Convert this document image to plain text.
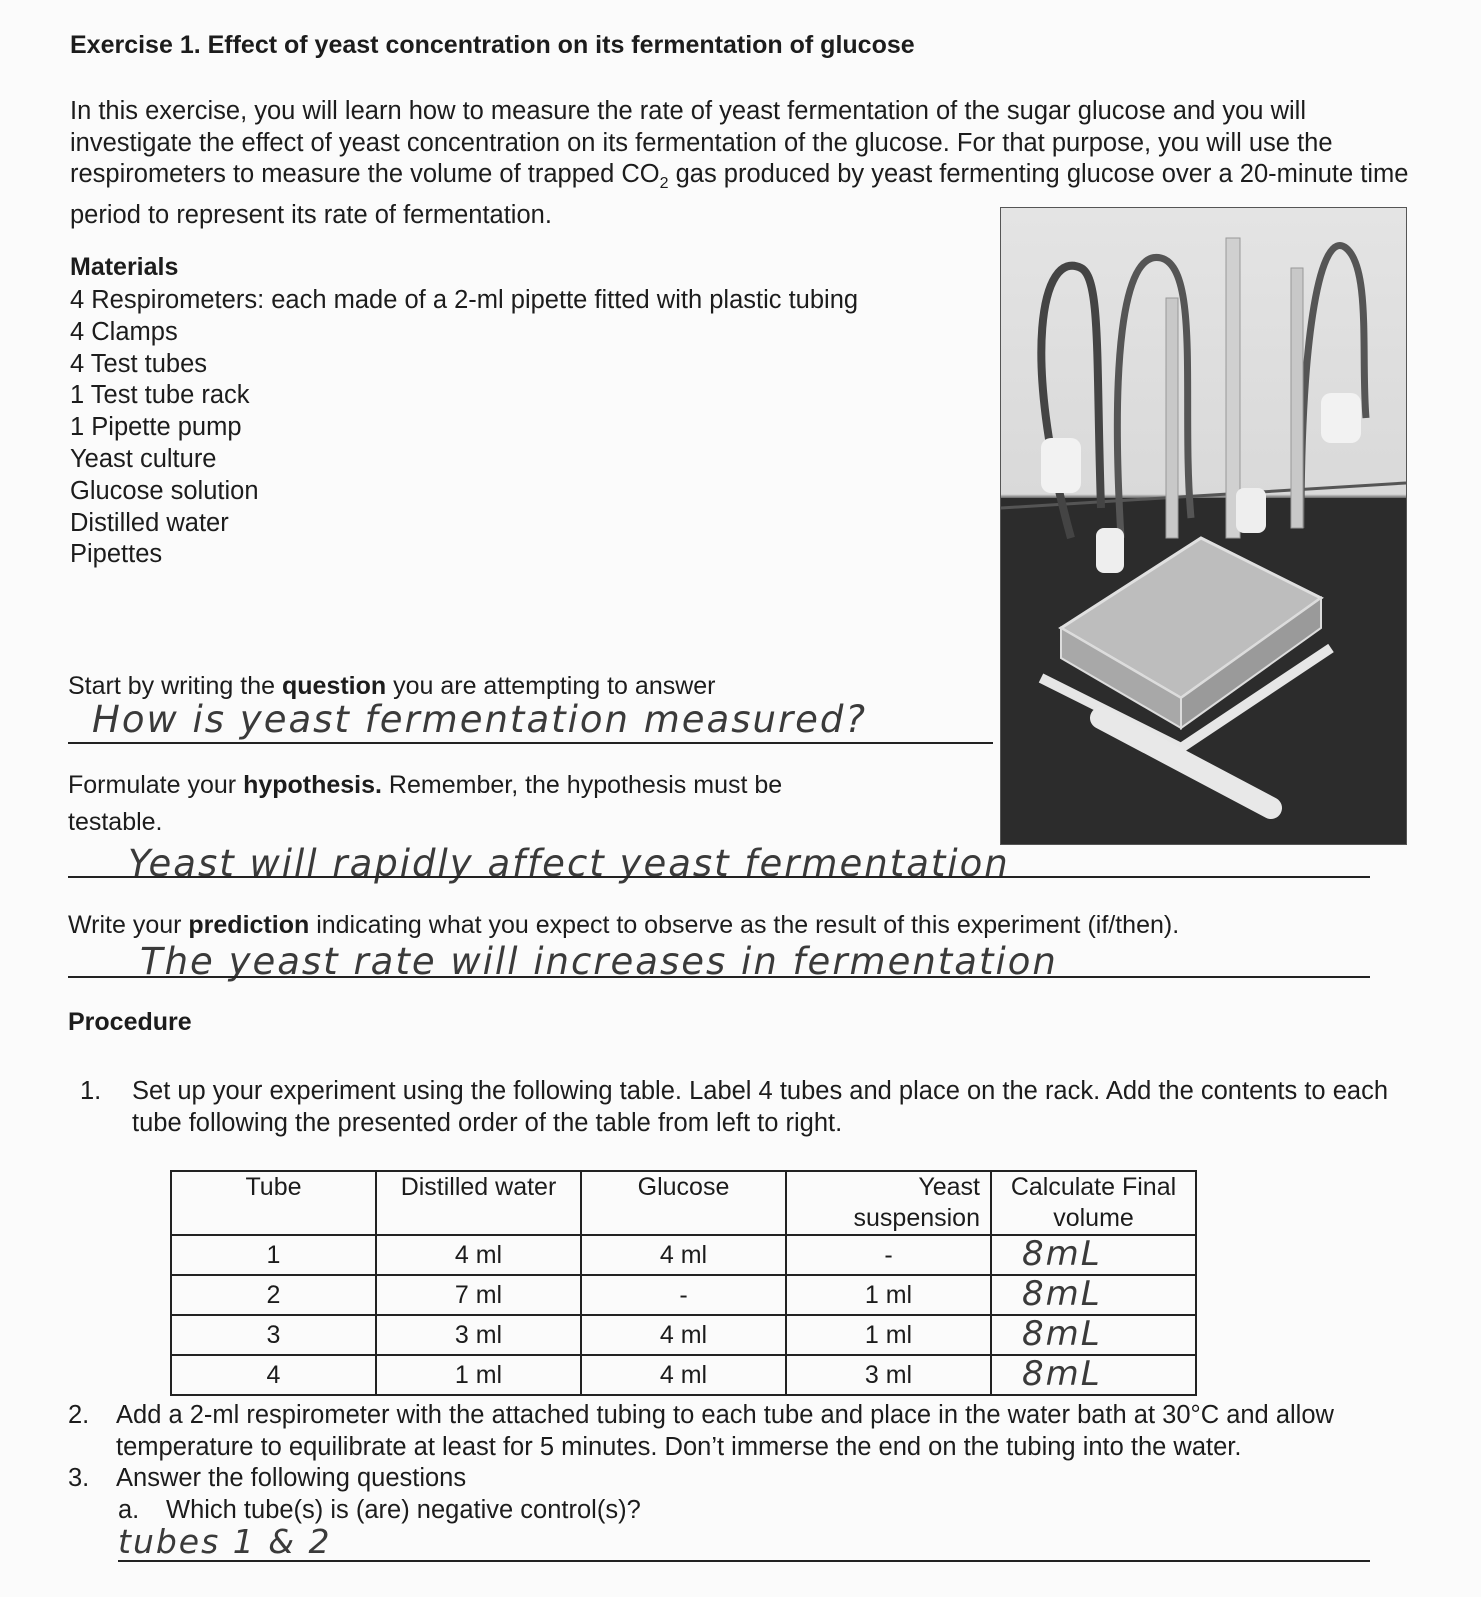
Exercise 1. Effect of yeast concentration on its fermentation of glucose
In this exercise, you will learn how to measure the rate of yeast fermentation of the sugar glucose and you will investigate the effect of yeast concentration on its fermentation of the glucose. For that purpose, you will use the respirometers to measure the volume of trapped $CO_2$ gas produced by yeast fermenting glucose over a 20-minute time period to represent its rate of fermentation.
Materials
4 Respirometers: each made of a 2-ml pipette fitted with plastic tubing
4 Clamps
4 Test tubes
1 Test tube rack
1 Pipette pump
Yeast culture
Glucose solution
Distilled water
Pipettes
Start by writing the question you are attempting to answer
How is yeast fermentation measured?
Formulate your hypothesis. Remember, the hypothesis must be
testable.
Yeast will rapidly affect yeast fermentation
Write your prediction indicating what you expect to observe as the result of this experiment (if/then).
The yeast rate will increases in fermentation
Procedure
1. Set up your experiment using the following table. Label 4 tubes and place on the rack. Add the contents to each tube following the presented order of the table from left to right.
Tube	Distilled water	Glucose	Yeast suspension	Calculate Final volume
1	4 ml	4 ml	-	8mL

2	7 ml	-	1 ml	8mL

3	3 ml	4 ml	1 ml	8mL

4	1 ml	4 ml	3 ml	8mL
2. Add a 2-ml respirometer with the attached tubing to each tube and place in the water bath at 30°C and allow temperature to equilibrate at least for 5 minutes. Don’t immerse the end on the tubing into the water.
3. Answer the following questions
a. Which tube(s) is (are) negative control(s)?
tubes 1 & 2
